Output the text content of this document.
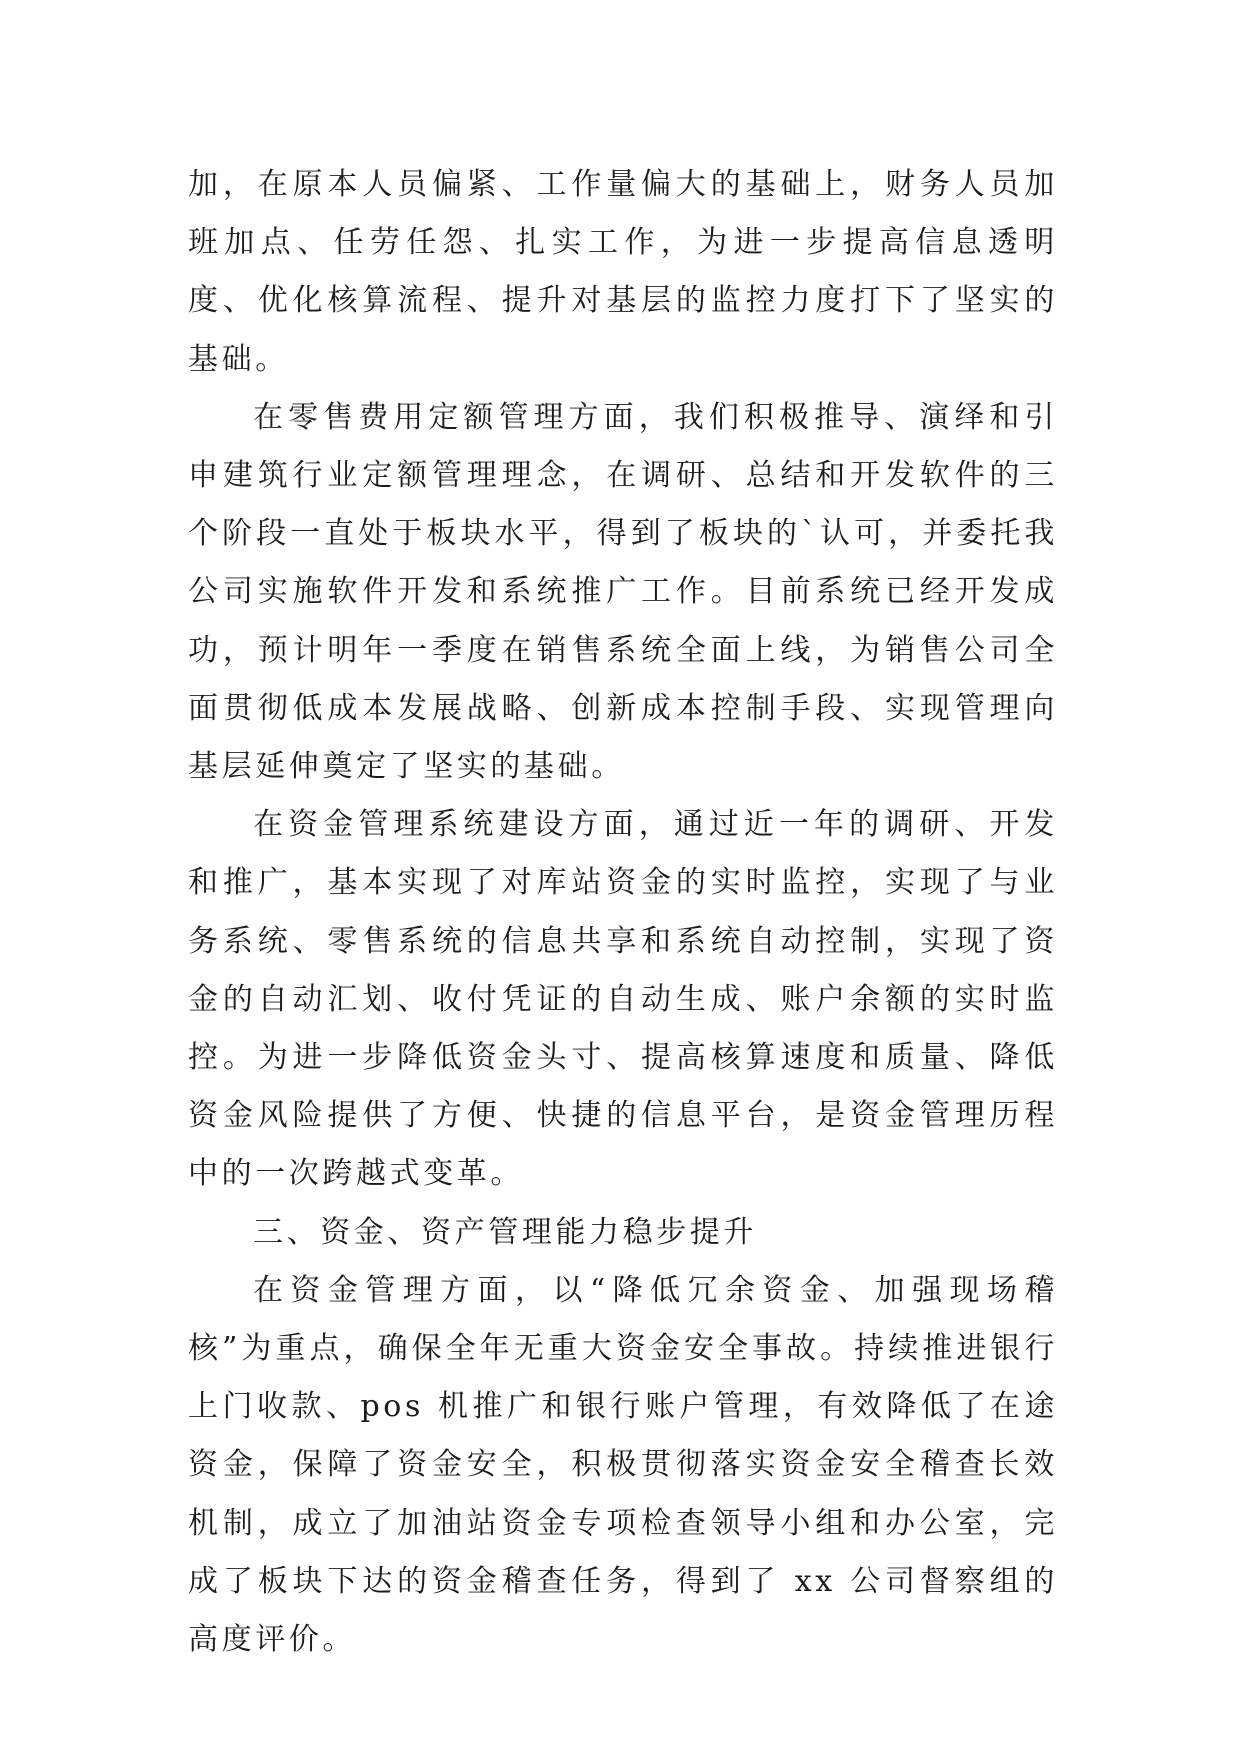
加，在原本人员偏紧、工作量偏大的基础上，财务人员加班加点、任劳任怨、扎实工作，为进一步提高信息透明度、优化核算流程、提升对基层的监控力度打下了坚实的基础。

在零售费用定额管理方面，我们积极推导、演绎和引申建筑行业定额管理理念，在调研、总结和开发软件的三个阶段一直处于板块水平，得到了板块的`认可，并委托我公司实施软件开发和系统推广工作。目前系统已经开发成功，预计明年一季度在销售系统全面上线，为销售公司全面贯彻低成本发展战略、创新成本控制手段、实现管理向基层延伸奠定了坚实的基础。

在资金管理系统建设方面，通过近一年的调研、开发和推广，基本实现了对库站资金的实时监控，实现了与业务系统、零售系统的信息共享和系统自动控制，实现了资金的自动汇划、收付凭证的自动生成、账户余额的实时监控。为进一步降低资金头寸、提高核算速度和质量、降低资金风险提供了方便、快捷的信息平台，是资金管理历程中的一次跨越式变革。

三、资金、资产管理能力稳步提升

在资金管理方面，以“降低冗余资金、加强现场稽核”为重点，确保全年无重大资金安全事故。持续推进银行上门收款、pos 机推广和银行账户管理，有效降低了在途资金，保障了资金安全，积极贯彻落实资金安全稽查长效机制，成立了加油站资金专项检查领导小组和办公室，完成了板块下达的资金稽查任务，得到了 xx 公司督察组的高度评价。
